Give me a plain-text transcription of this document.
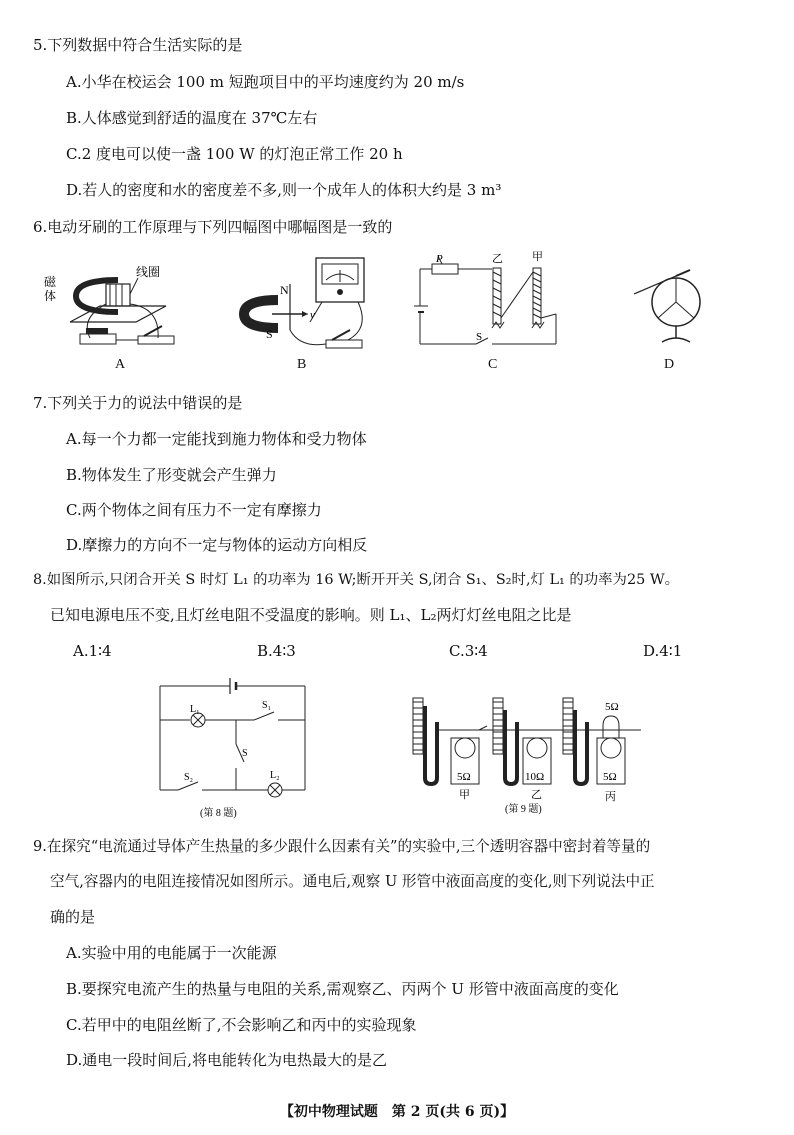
5.下列数据中符合生活实际的是
A.小华在校运会 100 m 短跑项目中的平均速度约为 20 m/s
B.人体感觉到舒适的温度在 37℃左右
C.2 度电可以使一盏 100 W 的灯泡正常工作 20 h
D.若人的密度和水的密度差不多,则一个成年人的体积大约是 3 m³
6.电动牙刷的工作原理与下列四幅图中哪幅图是一致的
磁
体
线圈
N
S
v
P	乙	甲
S
A	B	C	D
7.下列关于力的说法中错误的是
A.每一个力都一定能找到施力物体和受力物体
B.物体发生了形变就会产生弹力
C.两个物体之间有压力不一定有摩擦力
D.摩擦力的方向不一定与物体的运动方向相反
8.如图所示,只闭合开关 S 时灯 L₁ 的功率为 16 W;断开开关 S,闭合 S₁、S₂时,灯 L₁ 的功率为25 W。
已知电源电压不变,且灯丝电阻不受温度的影响。则 L₁、L₂两灯灯丝电阻之比是
A.1∶4	B.4∶3	C.3∶4	D.4∶1
L₁	S₁
S
S₂	L₂
(第 8 题)
5Ω
5Ω	10Ω	5Ω
甲	乙	丙
(第 9 题)
9.在探究“电流通过导体产生热量的多少跟什么因素有关”的实验中,三个透明容器中密封着等量的
空气,容器内的电阻连接情况如图所示。通电后,观察 U 形管中液面高度的变化,则下列说法中正
确的是
A.实验中用的电能属于一次能源
B.要探究电流产生的热量与电阻的关系,需观察乙、丙两个 U 形管中液面高度的变化
C.若甲中的电阻丝断了,不会影响乙和丙中的实验现象
D.通电一段时间后,将电能转化为电热最大的是乙
【初中物理试题　第 2 页(共 6 页)】
